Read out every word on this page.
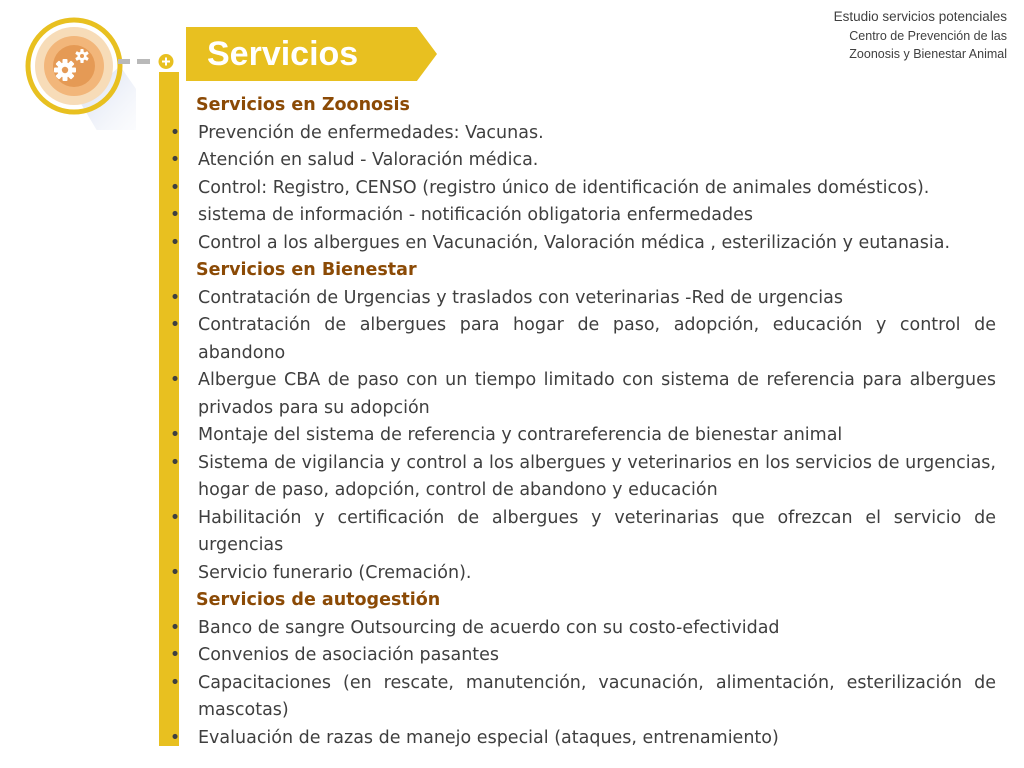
Servicios
Estudio servicios potenciales
Centro de Prevención de las
Zoonosis y Bienestar Animal
Servicios en Zoonosis
• Prevención de enfermedades: Vacunas.
• Atención en salud - Valoración médica.
• Control: Registro, CENSO (registro único de identificación de animales domésticos).
• sistema de información - notificación obligatoria enfermedades
• Control a los albergues en Vacunación, Valoración médica , esterilización y eutanasia.
Servicios en Bienestar
• Contratación de Urgencias y traslados con veterinarias -Red de urgencias
• Contratación de albergues para hogar de paso, adopción, educación y control de abandono
• Albergue CBA de paso con un tiempo limitado con sistema de referencia para albergues privados para su adopción
• Montaje del sistema de referencia y contrareferencia de bienestar animal
• Sistema de vigilancia y control a los albergues y veterinarios en los servicios de urgencias, hogar de paso, adopción, control de abandono y educación
• Habilitación y certificación de albergues y veterinarias que ofrezcan el servicio de urgencias
• Servicio funerario (Cremación).
Servicios de autogestión
• Banco de sangre Outsourcing de acuerdo con su costo-efectividad
• Convenios de asociación pasantes
• Capacitaciones (en rescate, manutención, vacunación, alimentación, esterilización de mascotas)
• Evaluación de razas de manejo especial (ataques, entrenamiento)
